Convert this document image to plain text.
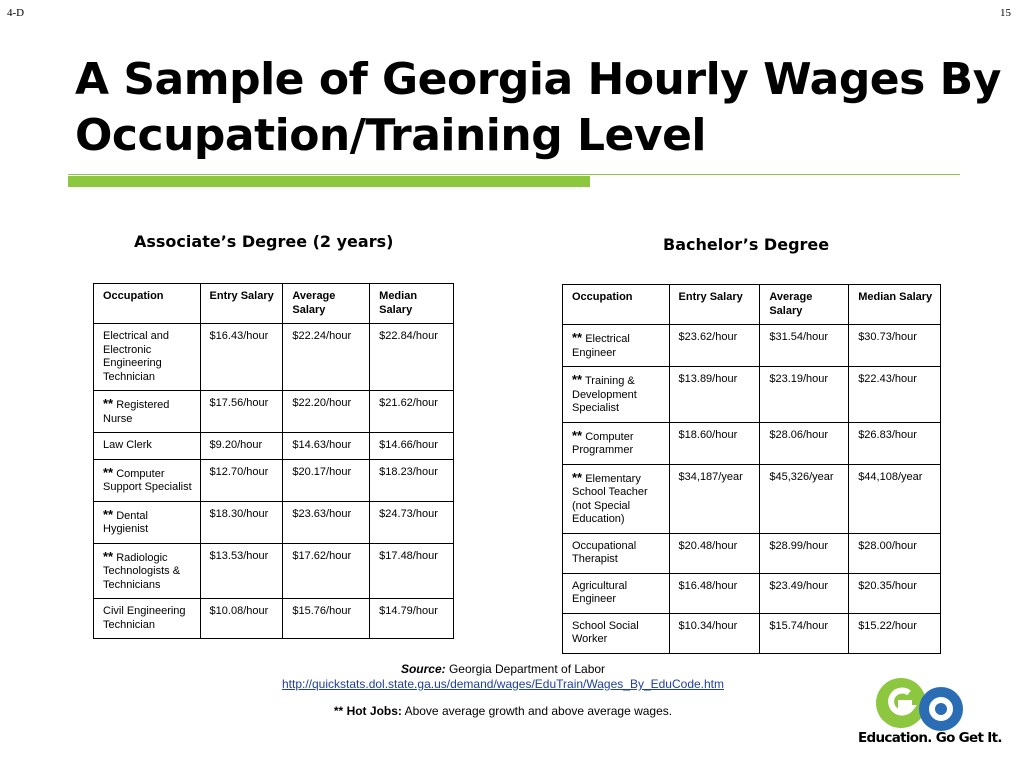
4-D	15
A Sample of Georgia Hourly Wages By
Occupation/Training Level
Associate’s Degree (2 years)	Bachelor’s Degree
Occupation	Entry Salary	Average Salary	Median Salary
Electrical and Electronic Engineering Technician	$16.43/hour	$22.24/hour	$22.84/hour
** Registered Nurse	$17.56/hour	$22.20/hour	$21.62/hour
Law Clerk	$9.20/hour	$14.63/hour	$14.66/hour
** Computer Support Specialist	$12.70/hour	$20.17/hour	$18.23/hour
** Dental Hygienist	$18.30/hour	$23.63/hour	$24.73/hour
** Radiologic Technologists & Technicians	$13.53/hour	$17.62/hour	$17.48/hour
Civil Engineering Technician	$10.08/hour	$15.76/hour	$14.79/hour
Occupation	Entry Salary	Average Salary	Median Salary
** Electrical Engineer	$23.62/hour	$31.54/hour	$30.73/hour
** Training & Development Specialist	$13.89/hour	$23.19/hour	$22.43/hour
** Computer Programmer	$18.60/hour	$28.06/hour	$26.83/hour
** Elementary School Teacher (not Special Education)	$34,187/year	$45,326/year	$44,108/year
Occupational Therapist	$20.48/hour	$28.99/hour	$28.00/hour
Agricultural Engineer	$16.48/hour	$23.49/hour	$20.35/hour
School Social Worker	$10.34/hour	$15.74/hour	$15.22/hour
Source: Georgia Department of Labor
http://quickstats.dol.state.ga.us/demand/wages/EduTrain/Wages_By_EduCode.htm
** Hot Jobs: Above average growth and above average wages.
Education. Go Get It.
